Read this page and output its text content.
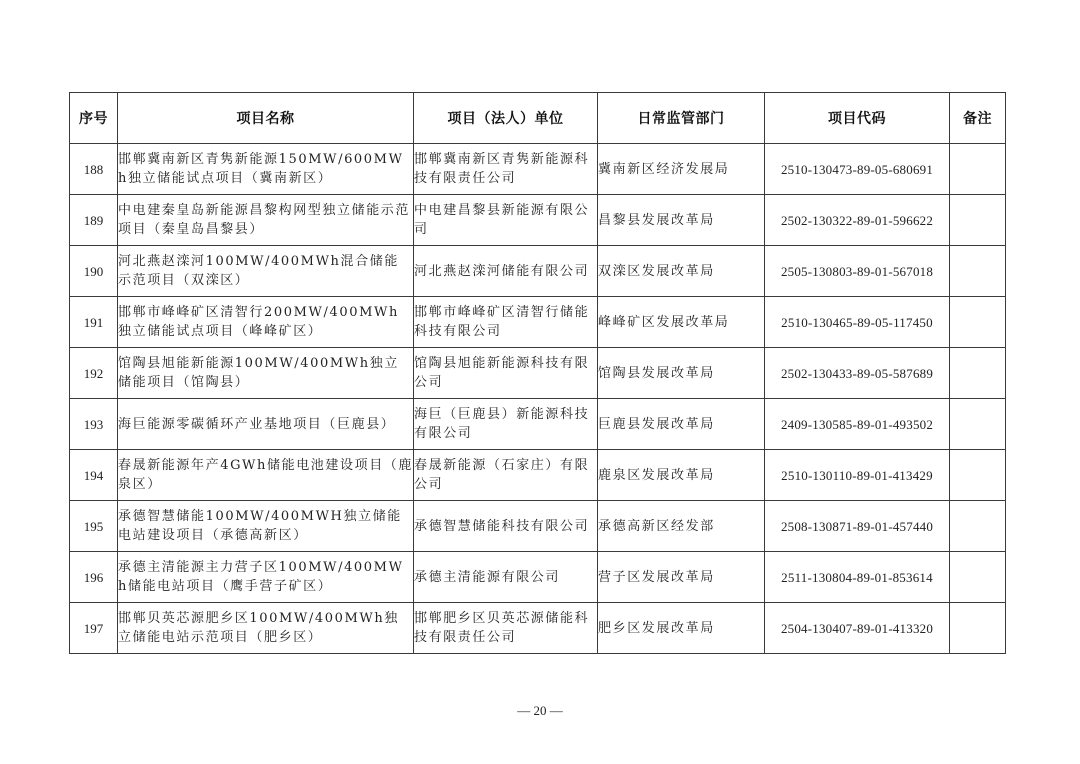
序号	项目名称	项目（法人）单位	日常监管部门	项目代码	备注
188	邯郸冀南新区青隽新能源150MW/600MWh独立储能试点项目（冀南新区）	邯郸冀南新区青隽新能源科技有限责任公司	冀南新区经济发展局	2510-130473-89-05-680691	
189	中电建秦皇岛新能源昌黎构网型独立储能示范项目（秦皇岛昌黎县）	中电建昌黎县新能源有限公司	昌黎县发展改革局	2502-130322-89-01-596622	
190	河北燕赵滦河100MW/400MWh混合储能示范项目（双滦区）	河北燕赵滦河储能有限公司	双滦区发展改革局	2505-130803-89-01-567018	
191	邯郸市峰峰矿区清智行200MW/400MWh独立储能试点项目（峰峰矿区）	邯郸市峰峰矿区清智行储能科技有限公司	峰峰矿区发展改革局	2510-130465-89-05-117450	
192	馆陶县旭能新能源100MW/400MWh独立储能项目（馆陶县）	馆陶县旭能新能源科技有限公司	馆陶县发展改革局	2502-130433-89-05-587689	
193	海巨能源零碳循环产业基地项目（巨鹿县）	海巨（巨鹿县）新能源科技有限公司	巨鹿县发展改革局	2409-130585-89-01-493502	
194	春晟新能源年产4GWh储能电池建设项目（鹿泉区）	春晟新能源（石家庄）有限公司	鹿泉区发展改革局	2510-130110-89-01-413429	
195	承德智慧储能100MW/400MWH独立储能电站建设项目（承德高新区）	承德智慧储能科技有限公司	承德高新区经发部	2508-130871-89-01-457440	
196	承德主清能源主力营子区100MW/400MWh储能电站项目（鹰手营子矿区）	承德主清能源有限公司	营子区发展改革局	2511-130804-89-01-853614	
197	邯郸贝英芯源肥乡区100MW/400MWh独立储能电站示范项目（肥乡区）	邯郸肥乡区贝英芯源储能科技有限责任公司	肥乡区发展改革局	2504-130407-89-01-413320	
— 20 —
